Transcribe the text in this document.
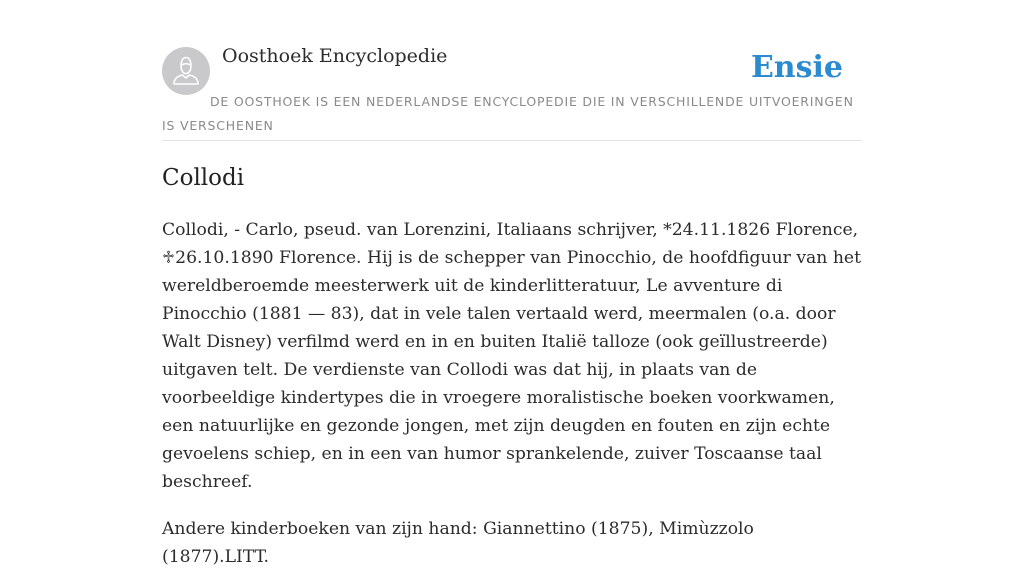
Oosthoek Encyclopedie	Ensie

DE OOSTHOEK IS EEN NEDERLANDSE ENCYCLOPEDIE DIE IN VERSCHILLENDE UITVOERINGEN IS VERSCHENEN

Collodi

Collodi, - Carlo, pseud. van Lorenzini, Italiaans schrijver, *24.11.1826 Florence, ♱26.10.1890 Florence. Hij is de schepper van Pinocchio, de hoofdfiguur van het wereldberoemde meesterwerk uit de kinderlitteratuur, Le avventure di Pinocchio (1881 — 83), dat in vele talen vertaald werd, meermalen (o.a. door Walt Disney) verfilmd werd en in en buiten Italië talloze (ook geïllustreerde) uitgaven telt. De verdienste van Collodi was dat hij, in plaats van de voorbeeldige kindertypes die in vroegere moralistische boeken voorkwamen, een natuurlijke en gezonde jongen, met zijn deugden en fouten en zijn echte gevoelens schiep, en in een van humor sprankelende, zuiver Toscaanse taal beschreef.

Andere kinderboeken van zijn hand: Giannettino (1875), Mimùzzolo (1877).LITT.
